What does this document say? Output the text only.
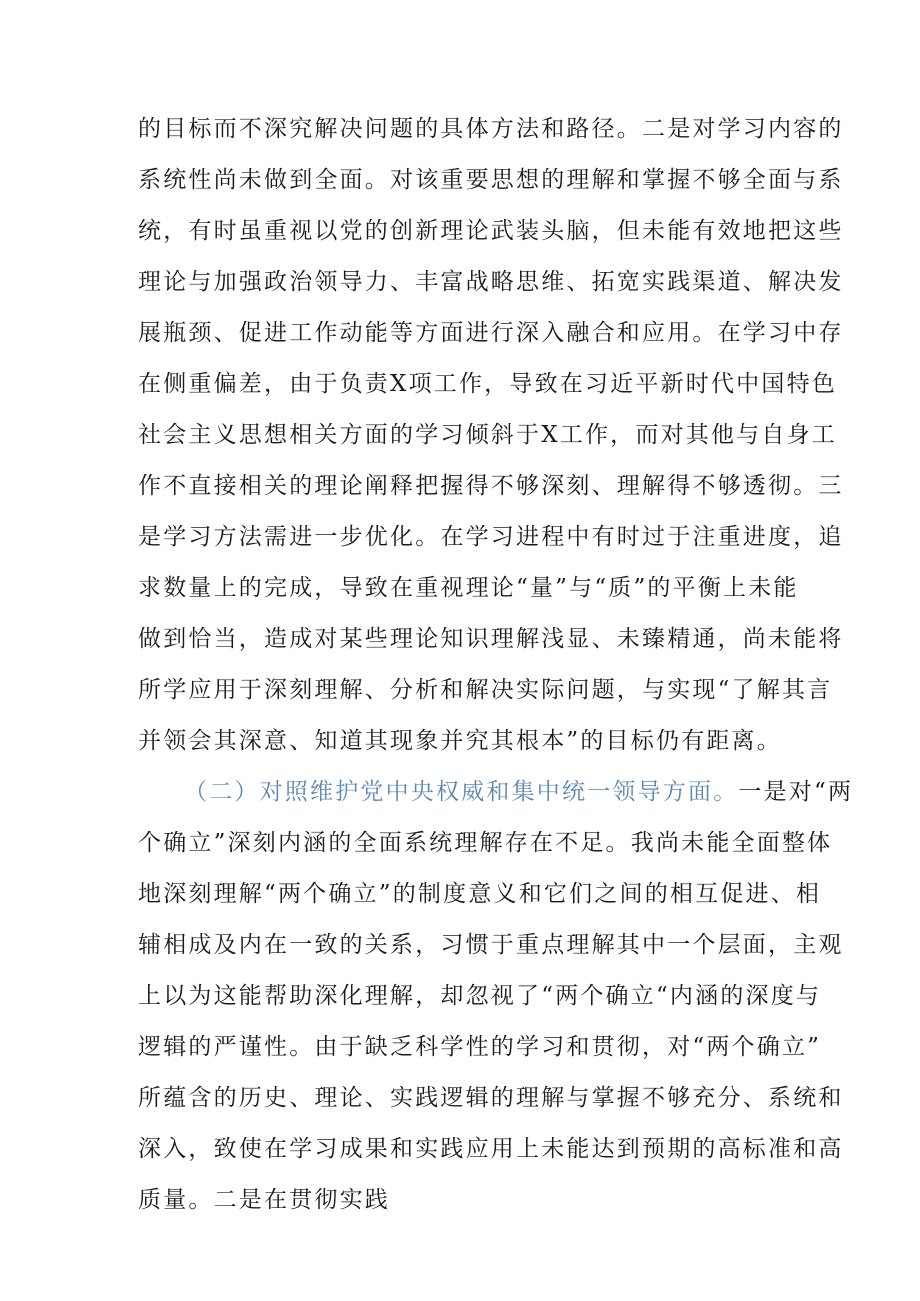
的目标而不深究解决问题的具体方法和路径。二是对学习内容的
系统性尚未做到全面。对该重要思想的理解和掌握不够全面与系
统，有时虽重视以党的创新理论武装头脑，但未能有效地把这些
理论与加强政治领导力、丰富战略思维、拓宽实践渠道、解决发
展瓶颈、促进工作动能等方面进行深入融合和应用。在学习中存
在侧重偏差，由于负责X项工作，导致在习近平新时代中国特色
社会主义思想相关方面的学习倾斜于X工作，而对其他与自身工
作不直接相关的理论阐释把握得不够深刻、理解得不够透彻。三
是学习方法需进一步优化。在学习进程中有时过于注重进度，追
求数量上的完成，导致在重视理论“量”与“质”的平衡上未能
做到恰当，造成对某些理论知识理解浅显、未臻精通，尚未能将
所学应用于深刻理解、分析和解决实际问题，与实现“了解其言
并领会其深意、知道其现象并究其根本”的目标仍有距离。
（二）对照维护党中央权威和集中统一领导方面。一是对“两
个确立”深刻内涵的全面系统理解存在不足。我尚未能全面整体
地深刻理解“两个确立”的制度意义和它们之间的相互促进、相
辅相成及内在一致的关系，习惯于重点理解其中一个层面，主观
上以为这能帮助深化理解，却忽视了“两个确立“内涵的深度与
逻辑的严谨性。由于缺乏科学性的学习和贯彻，对“两个确立”
所蕴含的历史、理论、实践逻辑的理解与掌握不够充分、系统和
深入，致使在学习成果和实践应用上未能达到预期的高标准和高
质量。二是在贯彻实践
